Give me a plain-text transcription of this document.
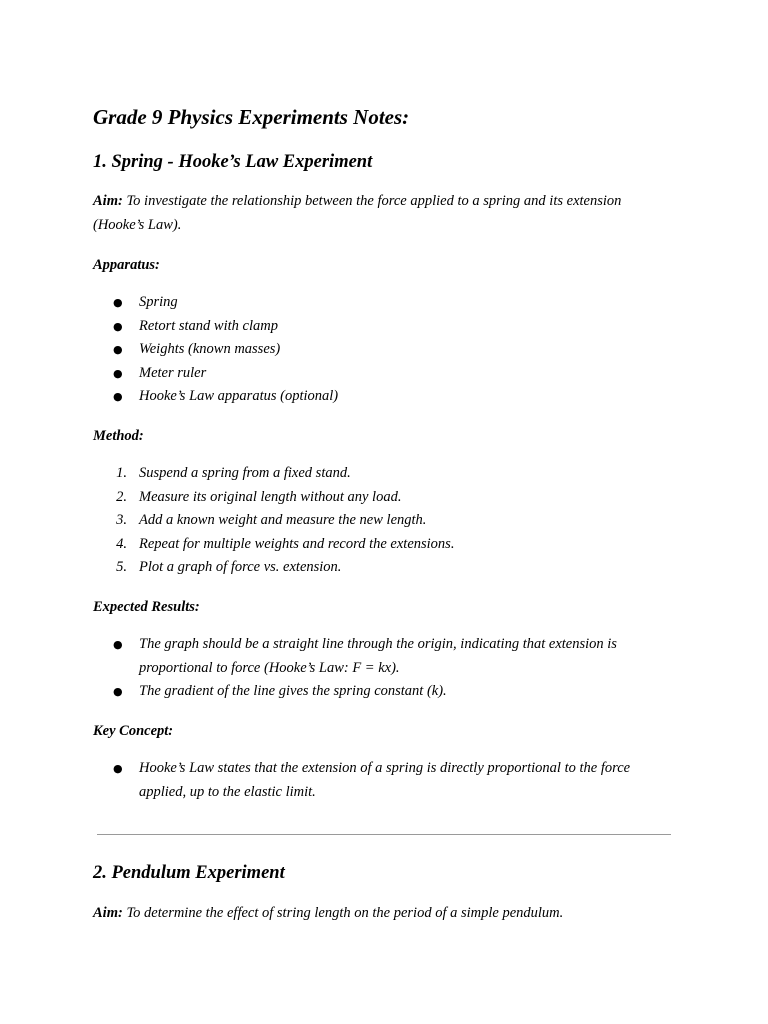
Grade 9 Physics Experiments Notes:
1. Spring - Hooke’s Law Experiment

Aim: To investigate the relationship between the force applied to a spring and its extension (Hooke’s Law).

Apparatus:
● Spring
● Retort stand with clamp
● Weights (known masses)
● Meter ruler
● Hooke’s Law apparatus (optional)
Method:
1. Suspend a spring from a fixed stand.
2. Measure its original length without any load.
3. Add a known weight and measure the new length.
4. Repeat for multiple weights and record the extensions.
5. Plot a graph of force vs. extension.
Expected Results:
● The graph should be a straight line through the origin, indicating that extension is proportional to force (Hooke’s Law: F = kx).
● The gradient of the line gives the spring constant (k).
Key Concept:
● Hooke’s Law states that the extension of a spring is directly proportional to the force applied, up to the elastic limit.
2. Pendulum Experiment

Aim: To determine the effect of string length on the period of a simple pendulum.
